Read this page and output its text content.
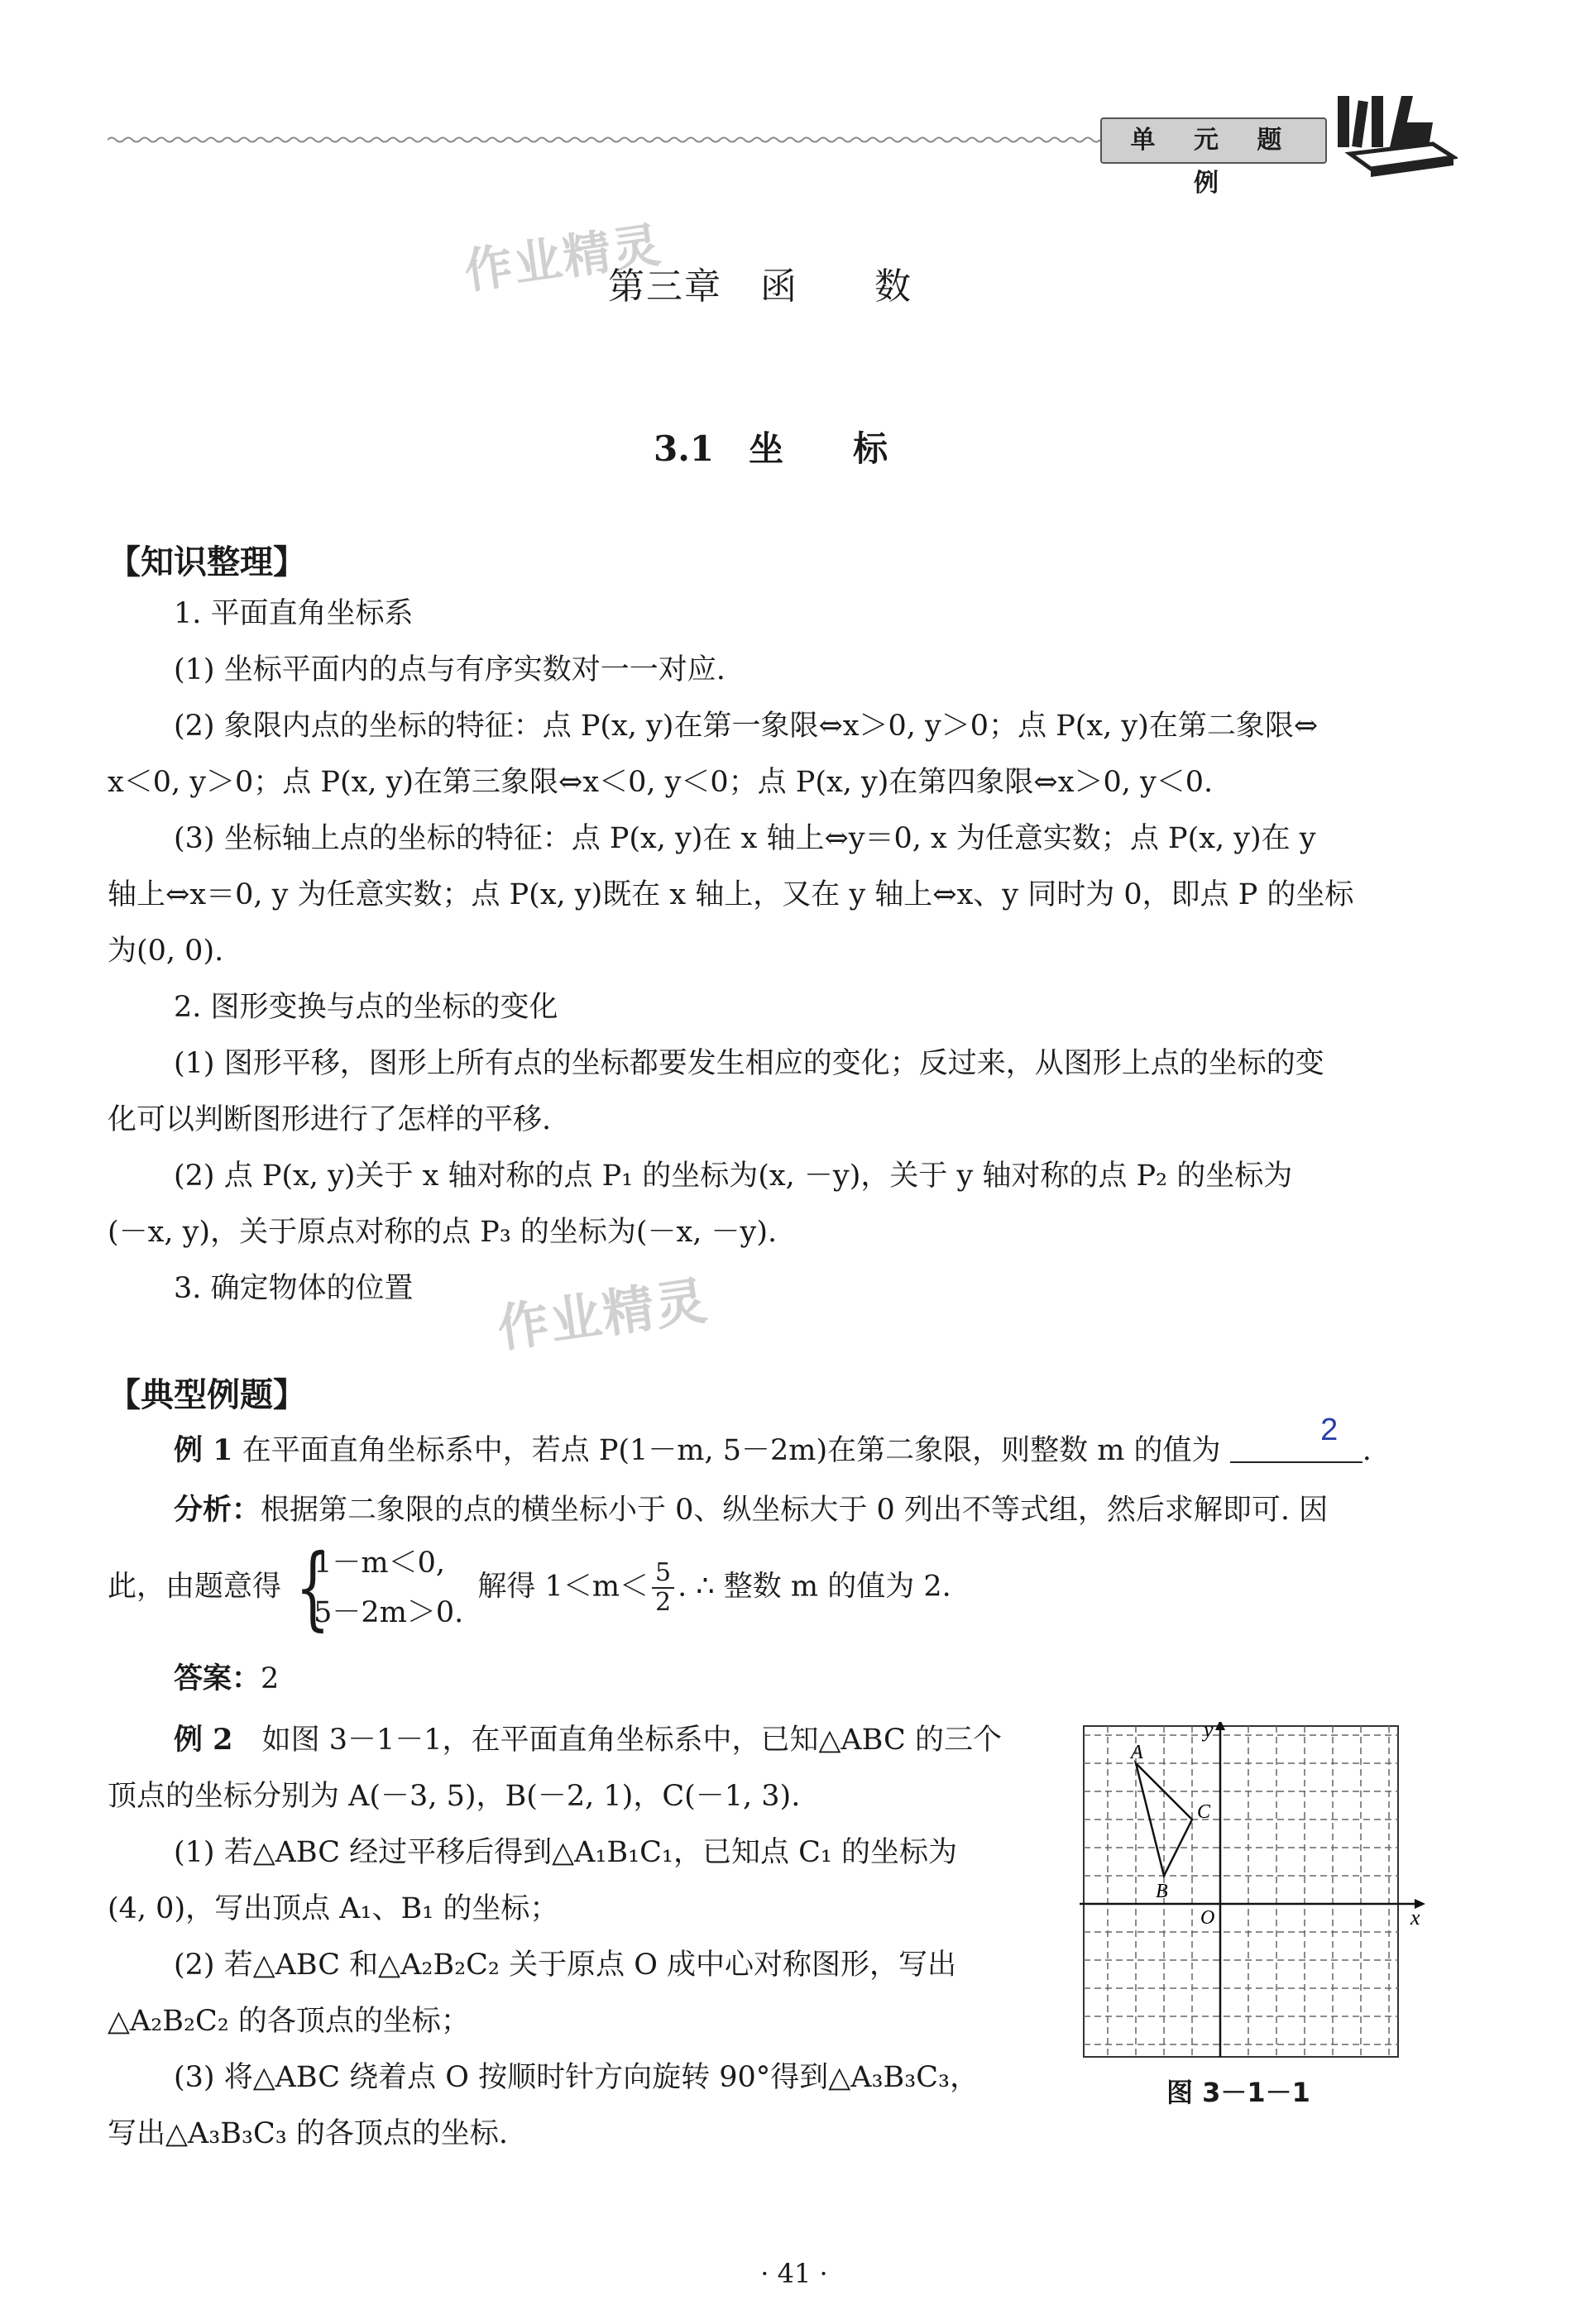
单 元 题 例
作业精灵
作业精灵
第三章　函　　数
3.1　坐　　标
【知识整理】

1. 平面直角坐标系

(1) 坐标平面内的点与有序实数对一一对应.

(2) 象限内点的坐标的特征：点 P(x, y)在第一象限⇔x＞0, y＞0；点 P(x, y)在第二象限⇔

x＜0, y＞0；点 P(x, y)在第三象限⇔x＜0, y＜0；点 P(x, y)在第四象限⇔x＞0, y＜0.

(3) 坐标轴上点的坐标的特征：点 P(x, y)在 x 轴上⇔y＝0, x 为任意实数；点 P(x, y)在 y

轴上⇔x＝0, y 为任意实数；点 P(x, y)既在 x 轴上，又在 y 轴上⇔x、y 同时为 0，即点 P 的坐标

为(0, 0).

2. 图形变换与点的坐标的变化

(1) 图形平移，图形上所有点的坐标都要发生相应的变化；反过来，从图形上点的坐标的变

化可以判断图形进行了怎样的平移.

(2) 点 P(x, y)关于 x 轴对称的点 P₁ 的坐标为(x, －y)，关于 y 轴对称的点 P₂ 的坐标为

(－x, y)，关于原点对称的点 P₃ 的坐标为(－x, －y).

3. 确定物体的位置

【典型例题】

例 1 在平面直角坐标系中，若点 P(1－m, 5－2m)在第二象限，则整数 m 的值为
2
.

分析：根据第二象限的点的横坐标小于 0、纵坐标大于 0 列出不等式组，然后求解即可. 因

此，由题意得 {
1－m＜0,
5－2m＞0.
解得 $1<m< \frac{5}{2}$ . ∴ 整数 m 的值为 2.
答案：2

例 2　 如图 3－1－1，在平面直角坐标系中，已知△ABC 的三个

顶点的坐标分别为 A(－3, 5)，B(－2, 1)，C(－1, 3).

(1) 若△ABC 经过平移后得到△A₁B₁C₁，已知点 C₁ 的坐标为

(4, 0)，写出顶点 A₁、B₁ 的坐标；

(2) 若△ABC 和△A₂B₂C₂ 关于原点 O 成中心对称图形，写出

△A₂B₂C₂ 的各顶点的坐标；

(3) 将△ABC 绕着点 O 按顺时针方向旋转 90°得到△A₃B₃C₃，

写出△A₃B₃C₃ 的各顶点的坐标.

x
y
O
A
B
C
图 3－1－1
· 41 ·
